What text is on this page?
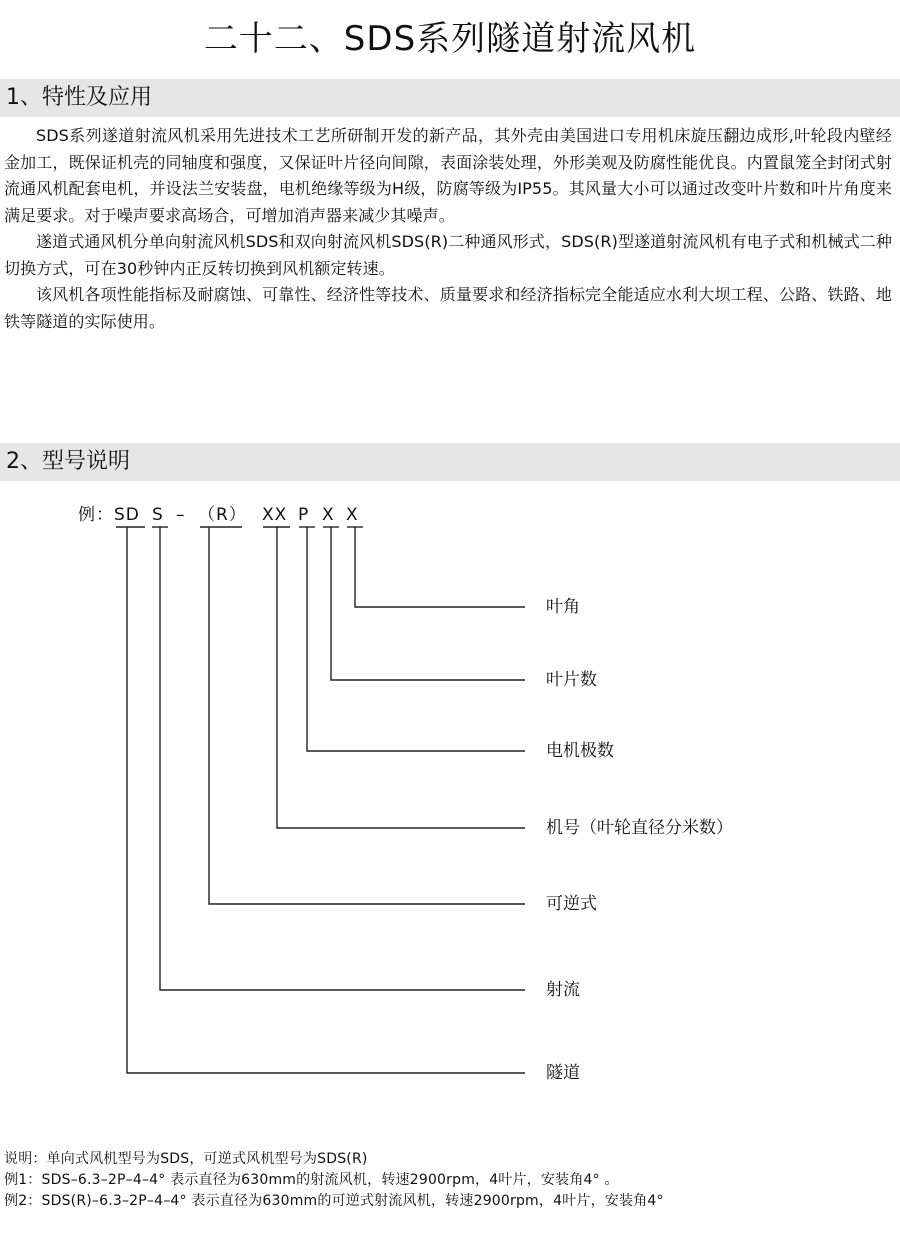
二十二、SDS系列隧道射流风机
1、特性及应用

SDS系列遂道射流风机采用先进技术工艺所研制开发的新产品，其外壳由美国进口专用机床旋压翻边成形,叶轮段内壁经金加工，既保证机壳的同轴度和强度，又保证叶片径向间隙，表面涂装处理，外形美观及防腐性能优良。内置鼠笼全封闭式射流通风机配套电机，并设法兰安装盘，电机绝缘等级为H级，防腐等级为IP55。其风量大小可以通过改变叶片数和叶片角度来满足要求。对于噪声要求高场合，可增加消声器来减少其噪声。

遂道式通风机分单向射流风机SDS和双向射流风机SDS(R)二种通风形式，SDS(R)型遂道射流风机有电子式和机械式二种切换方式，可在30秒钟内正反转切换到风机额定转速。

该风机各项性能指标及耐腐蚀、可靠性、经济性等技术、质量要求和经济指标完全能适应水利大坝工程、公路、铁路、地铁等隧道的实际使用。

2、型号说明
例： SD S – （R） XX P X X
叶角
叶片数
电机极数
机号（叶轮直径分米数）
可逆式
射流
隧道
说明：单向式风机型号为SDS，可逆式风机型号为SDS(R)
例1：SDS–6.3–2P–4–4° 表示直径为630mm的射流风机，转速2900rpm，4叶片，安装角4° 。
例2：SDS(R)–6.3–2P–4–4° 表示直径为630mm的可逆式射流风机，转速2900rpm，4叶片，安装角4°
